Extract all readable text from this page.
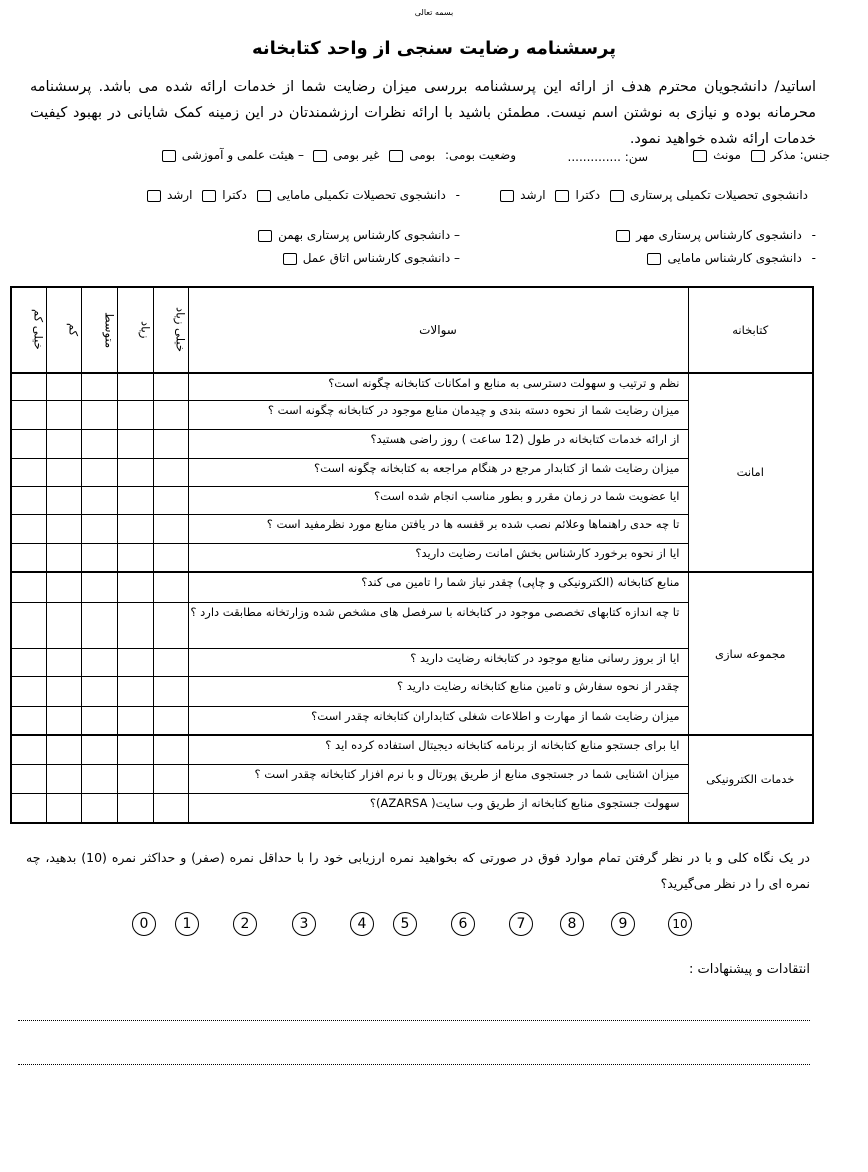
بسمه تعالی
پرسشنامه رضایت سنجی از واحد کتابخانه
اساتید/ دانشجویان محترم هدف از ارائه این پرسشنامه بررسی میزان رضایت شما از خدمات ارائه شده می باشد. پرسشنامه محرمانه بوده و نیازی به نوشتن اسم نیست. مطمئن باشید با ارائه نظرات ارزشمندتان در این زمینه کمک شایانی در بهبود کیفیت خدمات ارائه شده خواهید نمود.
جنس: مذکر مونث
سن: ..............
وضعیت بومی: بومی غیر بومی
– هیئت علمی و آموزشی
دانشجوی تحصیلات تکمیلی پرستاری دکترا ارشد
- دانشجوی تحصیلات تکمیلی مامایی دکترا ارشد
- دانشجوی کارشناس پرستاری مهر
– دانشجوی کارشناس پرستاری بهمن
- دانشجوی کارشناس مامایی
– دانشجوی کارشناس اتاق عمل
خیلی کم	کم	متوسط	زیاد	خیلی زیاد	سوالات	کتابخانه
					نظم و ترتیب و سهولت دسترسی به منابع و امکانات کتابخانه چگونه است؟	امانت
					میزان رضایت شما از نحوه دسته بندی و چیدمان منابع موجود در کتابخانه چگونه است ؟	
					از ارائه خدمات کتابخانه در طول (12 ساعت ) روز راضی هستید؟	
					میزان رضایت شما از کتابدار مرجع در هنگام مراجعه به کتابخانه چگونه است؟	
					ایا عضویت شما در زمان مقرر و بطور مناسب انجام شده است؟	
					تا چه حدی راهنماها وعلائم نصب شده بر قفسه ها در یافتن منابع مورد نظرمفید است ؟	
					ایا از نحوه برخورد کارشناس بخش امانت رضایت دارید؟	
					منابع کتابخانه (الکترونیکی و چاپی) چقدر نیاز شما را تامین می کند؟	مجموعه سازی
					تا چه اندازه کتابهای تخصصی موجود در کتابخانه با سرفصل های مشخص شده وزارتخانه مطابقت دارد ؟	
					ایا از بروز رسانی منابع موجود در کتابخانه رضایت دارید ؟	
					چقدر از نحوه سفارش و تامین منابع کتابخانه رضایت دارید ؟	
					میزان رضایت شما از مهارت و اطلاعات شغلی کتابداران کتابخانه چقدر است؟	
					ایا برای جستجو منابع کتابخانه از برنامه کتابخانه دیجیتال استفاده کرده اید ؟	خدمات الکترونیکی
					میزان اشنایی شما در جستجوی منابع از طریق پورتال و با نرم افزار کتابخانه چقدر است ؟	
					سهولت جستجوی منابع کتابخانه از طریق وب سایت( AZARSA)؟	
در یک نگاه کلی و با در نظر گرفتن تمام موارد فوق در صورتی که بخواهید نمره ارزیابی خود را با حداقل نمره (صفر) و حداکثر نمره (10) بدهید، چه نمره ای را در نظر می‌گیرید؟
0	1	2	3	4	5	6	7	8	9	10
انتقادات و پیشنهادات :
